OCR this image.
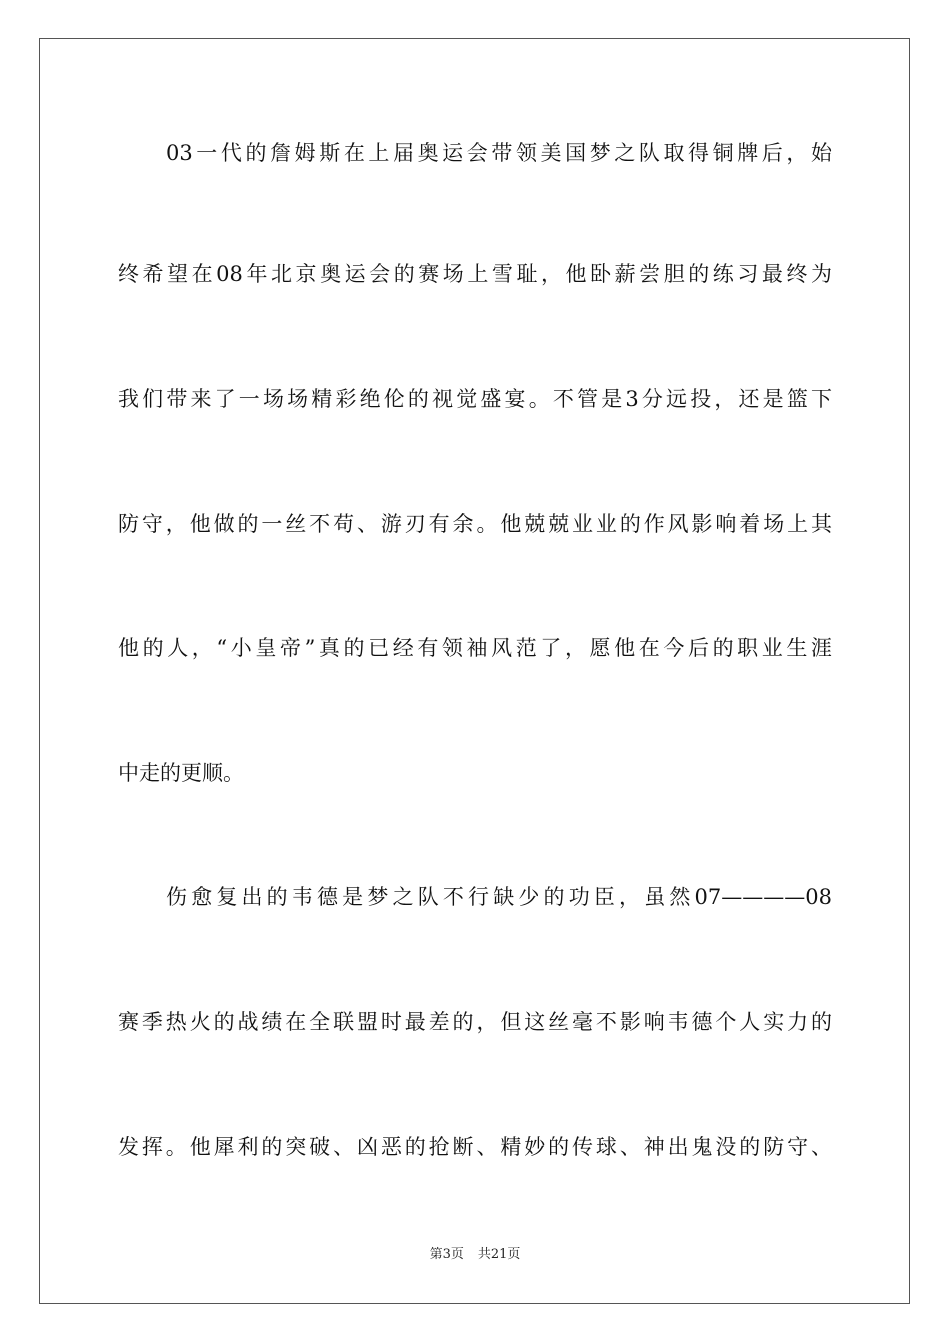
03一代的詹姆斯在上届奥运会带领美国梦之队取得铜牌后，始

终希望在08年北京奥运会的赛场上雪耻，他卧薪尝胆的练习最终为

我们带来了一场场精彩绝伦的视觉盛宴。不管是3分远投，还是篮下

防守，他做的一丝不苟、游刃有余。他兢兢业业的作风影响着场上其

他的人，“小皇帝”真的已经有领袖风范了，愿他在今后的职业生涯

中走的更顺。

伤愈复出的韦德是梦之队不行缺少的功臣，虽然07————08

赛季热火的战绩在全联盟时最差的，但这丝毫不影响韦德个人实力的

发挥。他犀利的突破、凶恶的抢断、精妙的传球、神出鬼没的防守、

第3页 共21页
